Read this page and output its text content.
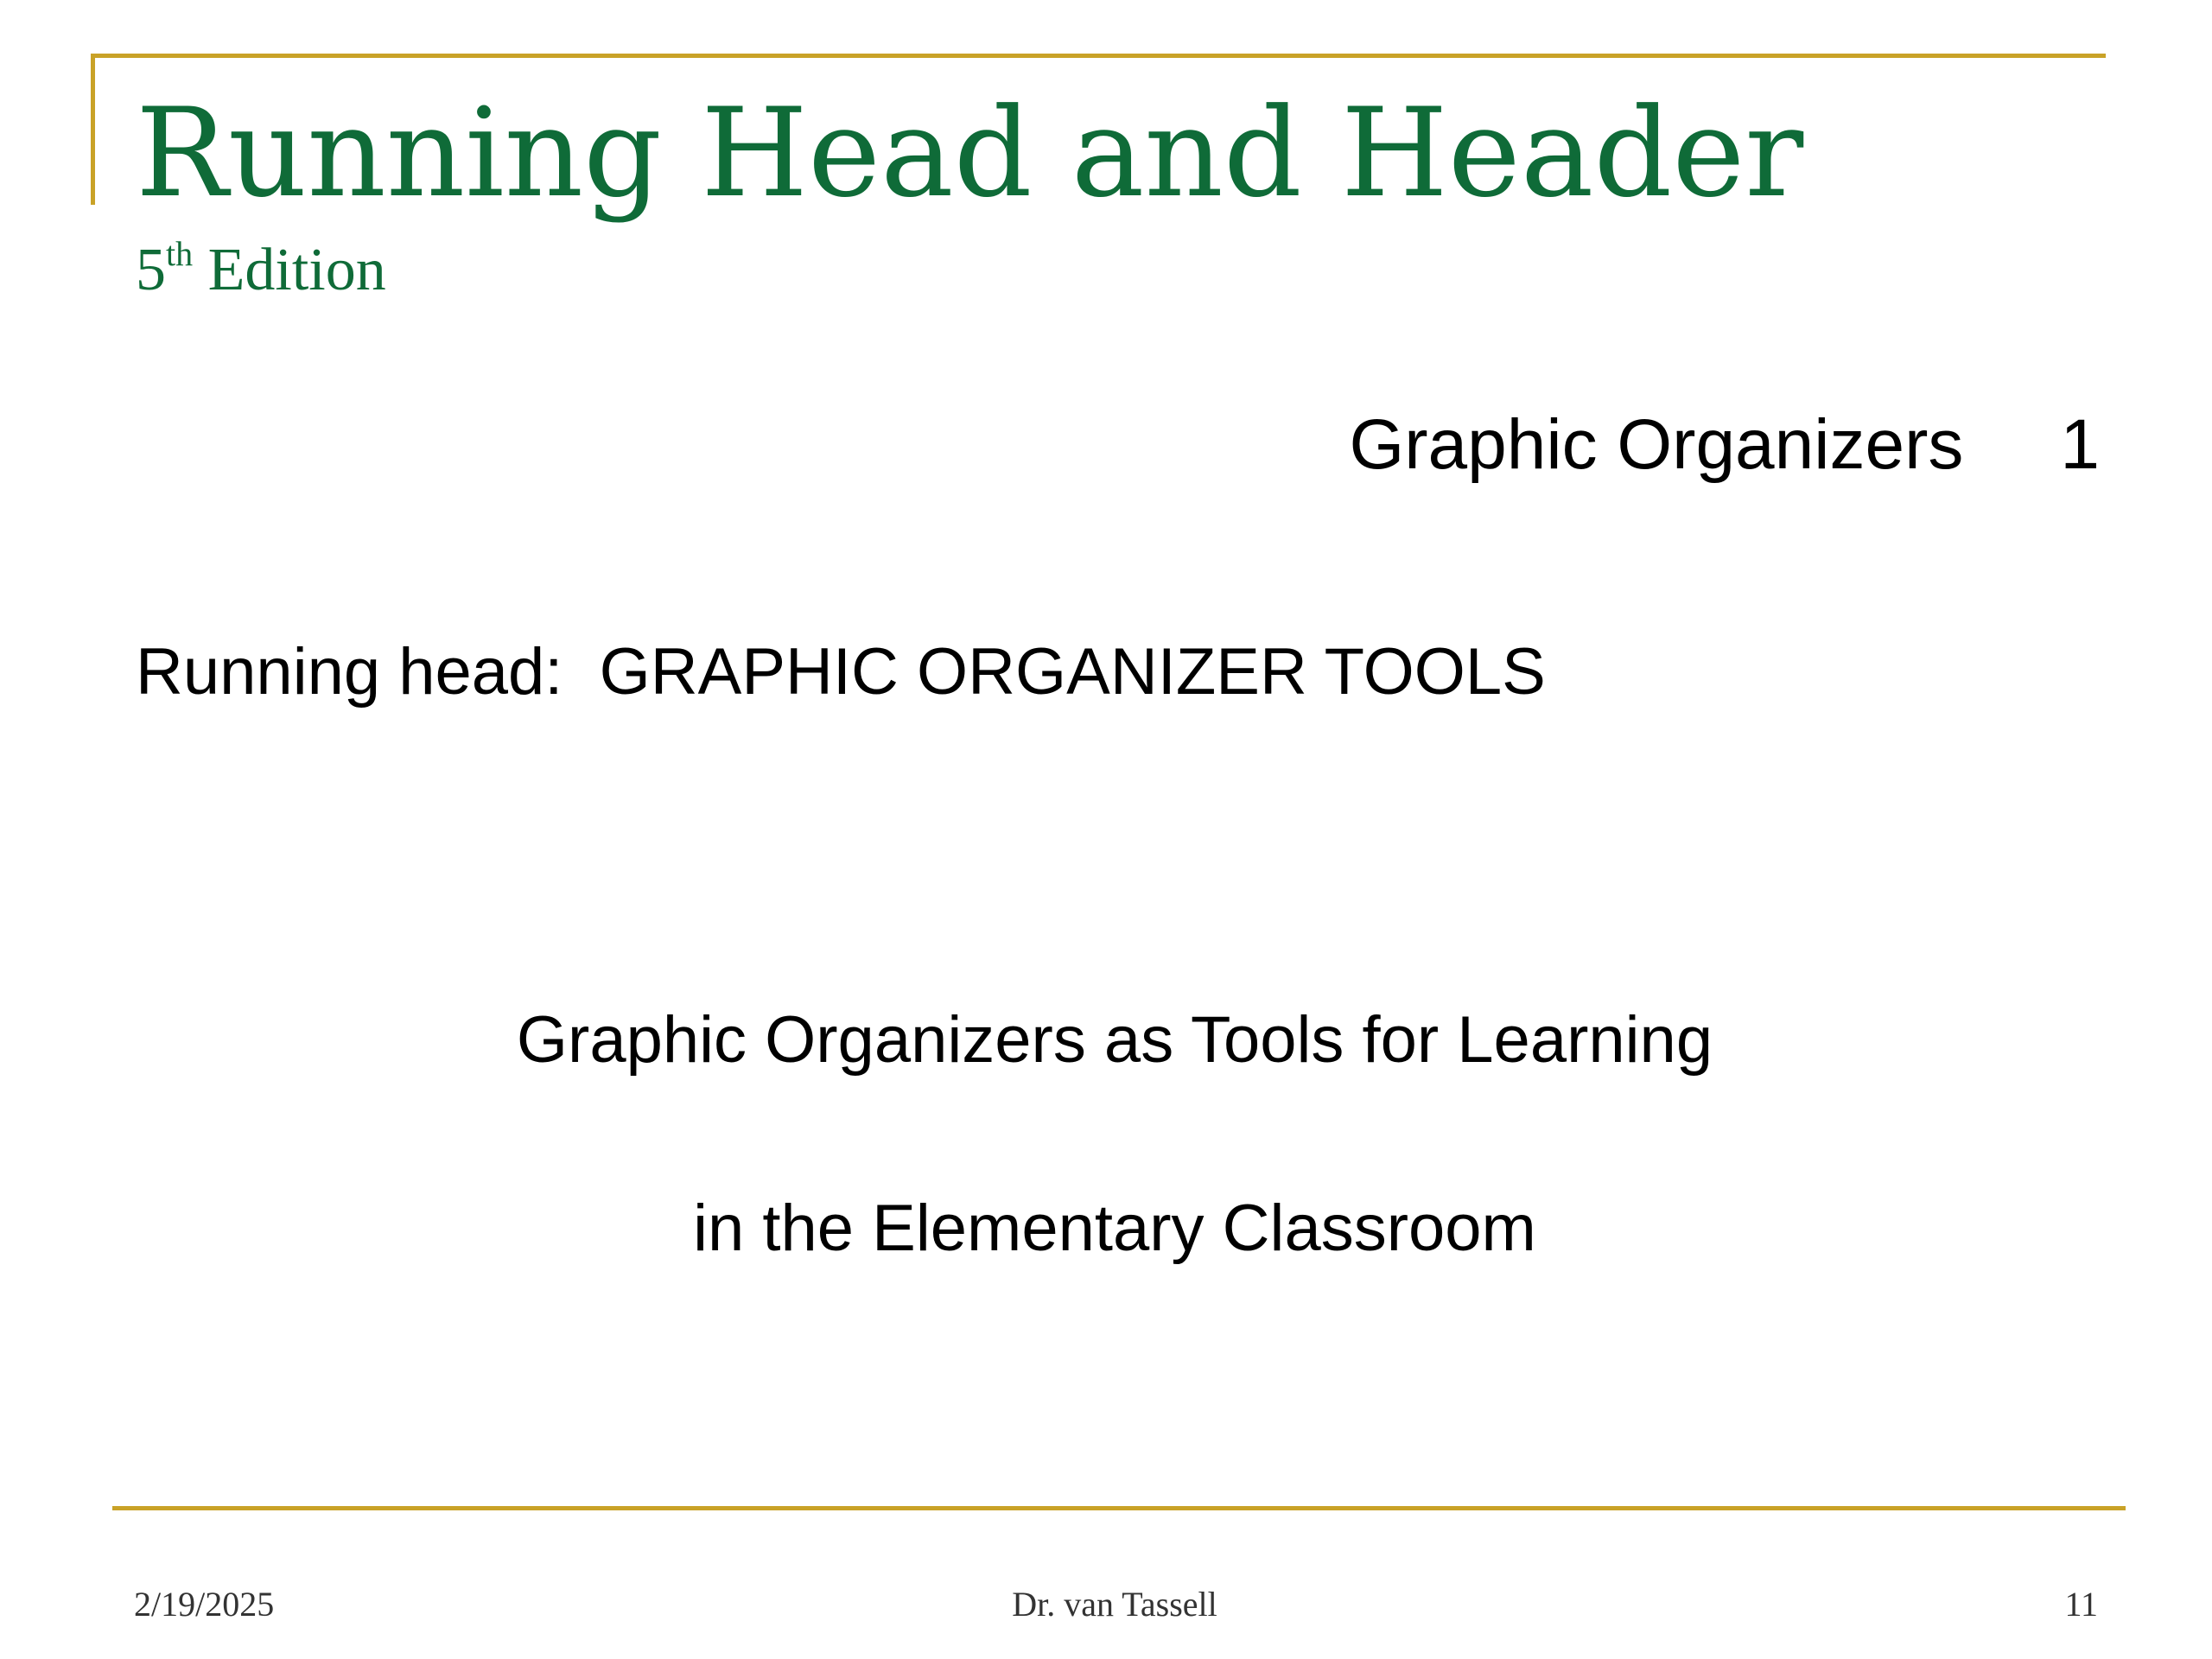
Running Head and Header
5th Edition
Graphic Organizers 1
Running head:  GRAPHIC ORGANIZER TOOLS
Graphic Organizers as Tools for Learning
in the Elementary Classroom
2/19/2025	Dr. van Tassell	11
